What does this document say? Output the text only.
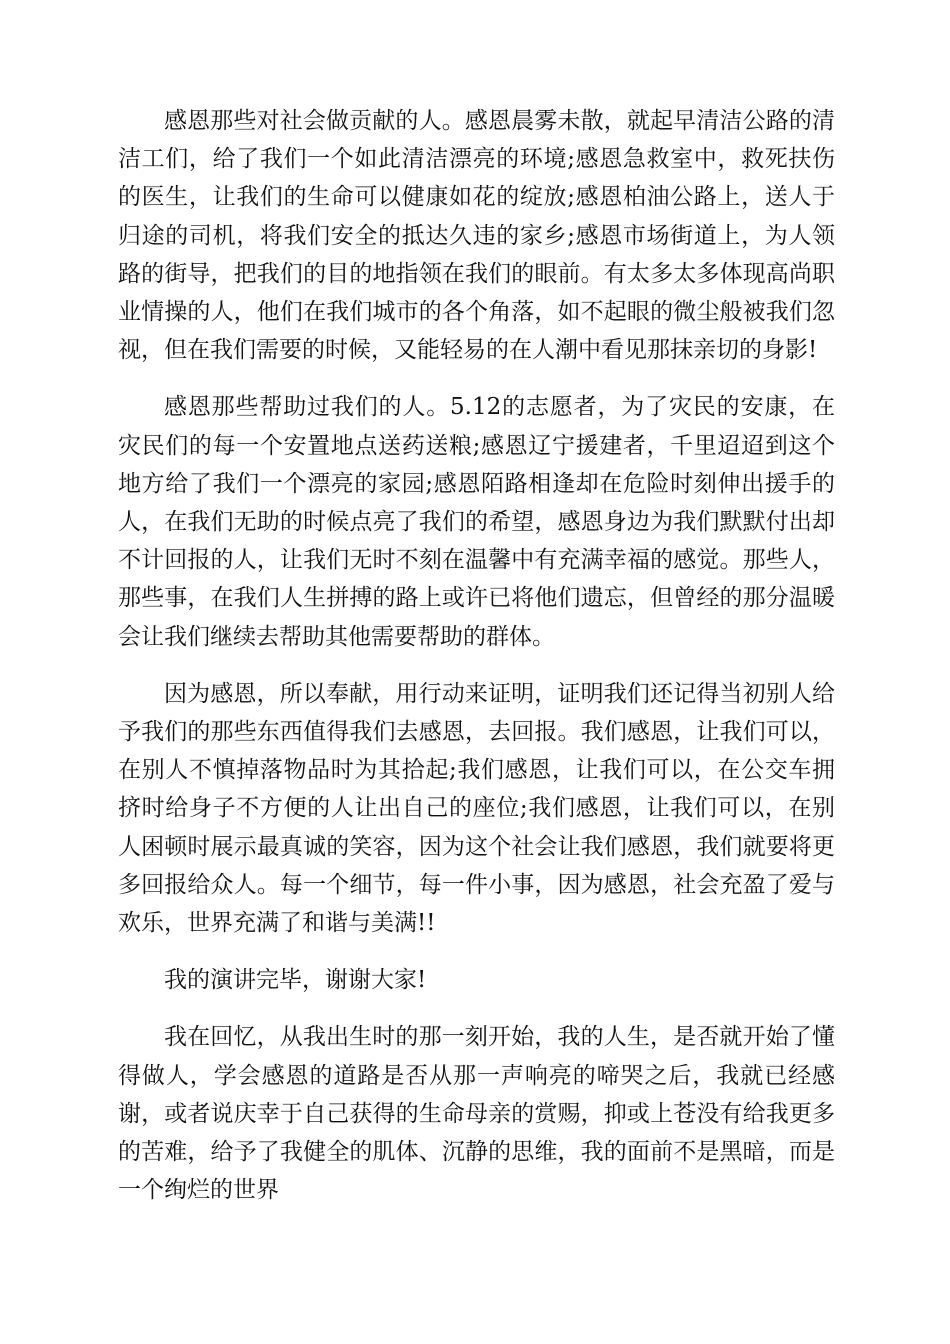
感恩那些对社会做贡献的人。感恩晨雾未散，就起早清洁公路的清洁工们，给了我们一个如此清洁漂亮的环境;感恩急救室中，救死扶伤的医生，让我们的生命可以健康如花的绽放;感恩柏油公路上，送人于归途的司机，将我们安全的抵达久违的家乡;感恩市场街道上，为人领路的街导，把我们的目的地指领在我们的眼前。有太多太多体现高尚职业情操的人，他们在我们城市的各个角落，如不起眼的微尘般被我们忽视，但在我们需要的时候，又能轻易的在人潮中看见那抹亲切的身影!

感恩那些帮助过我们的人。5.12的志愿者，为了灾民的安康，在灾民们的每一个安置地点送药送粮;感恩辽宁援建者，千里迢迢到这个地方给了我们一个漂亮的家园;感恩陌路相逢却在危险时刻伸出援手的人，在我们无助的时候点亮了我们的希望，感恩身边为我们默默付出却不计回报的人，让我们无时不刻在温馨中有充满幸福的感觉。那些人，那些事，在我们人生拼搏的路上或许已将他们遗忘，但曾经的那分温暖会让我们继续去帮助其他需要帮助的群体。

因为感恩，所以奉献，用行动来证明，证明我们还记得当初别人给予我们的那些东西值得我们去感恩，去回报。我们感恩，让我们可以，在别人不慎掉落物品时为其拾起;我们感恩，让我们可以，在公交车拥挤时给身子不方便的人让出自己的座位;我们感恩，让我们可以，在别人困顿时展示最真诚的笑容，因为这个社会让我们感恩，我们就要将更多回报给众人。每一个细节，每一件小事，因为感恩，社会充盈了爱与欢乐，世界充满了和谐与美满!!

我的演讲完毕，谢谢大家!

我在回忆，从我出生时的那一刻开始，我的人生，是否就开始了懂得做人，学会感恩的道路是否从那一声响亮的啼哭之后，我就已经感谢，或者说庆幸于自己获得的生命母亲的赏赐，抑或上苍没有给我更多的苦难，给予了我健全的肌体、沉静的思维，我的面前不是黑暗，而是一个绚烂的世界
